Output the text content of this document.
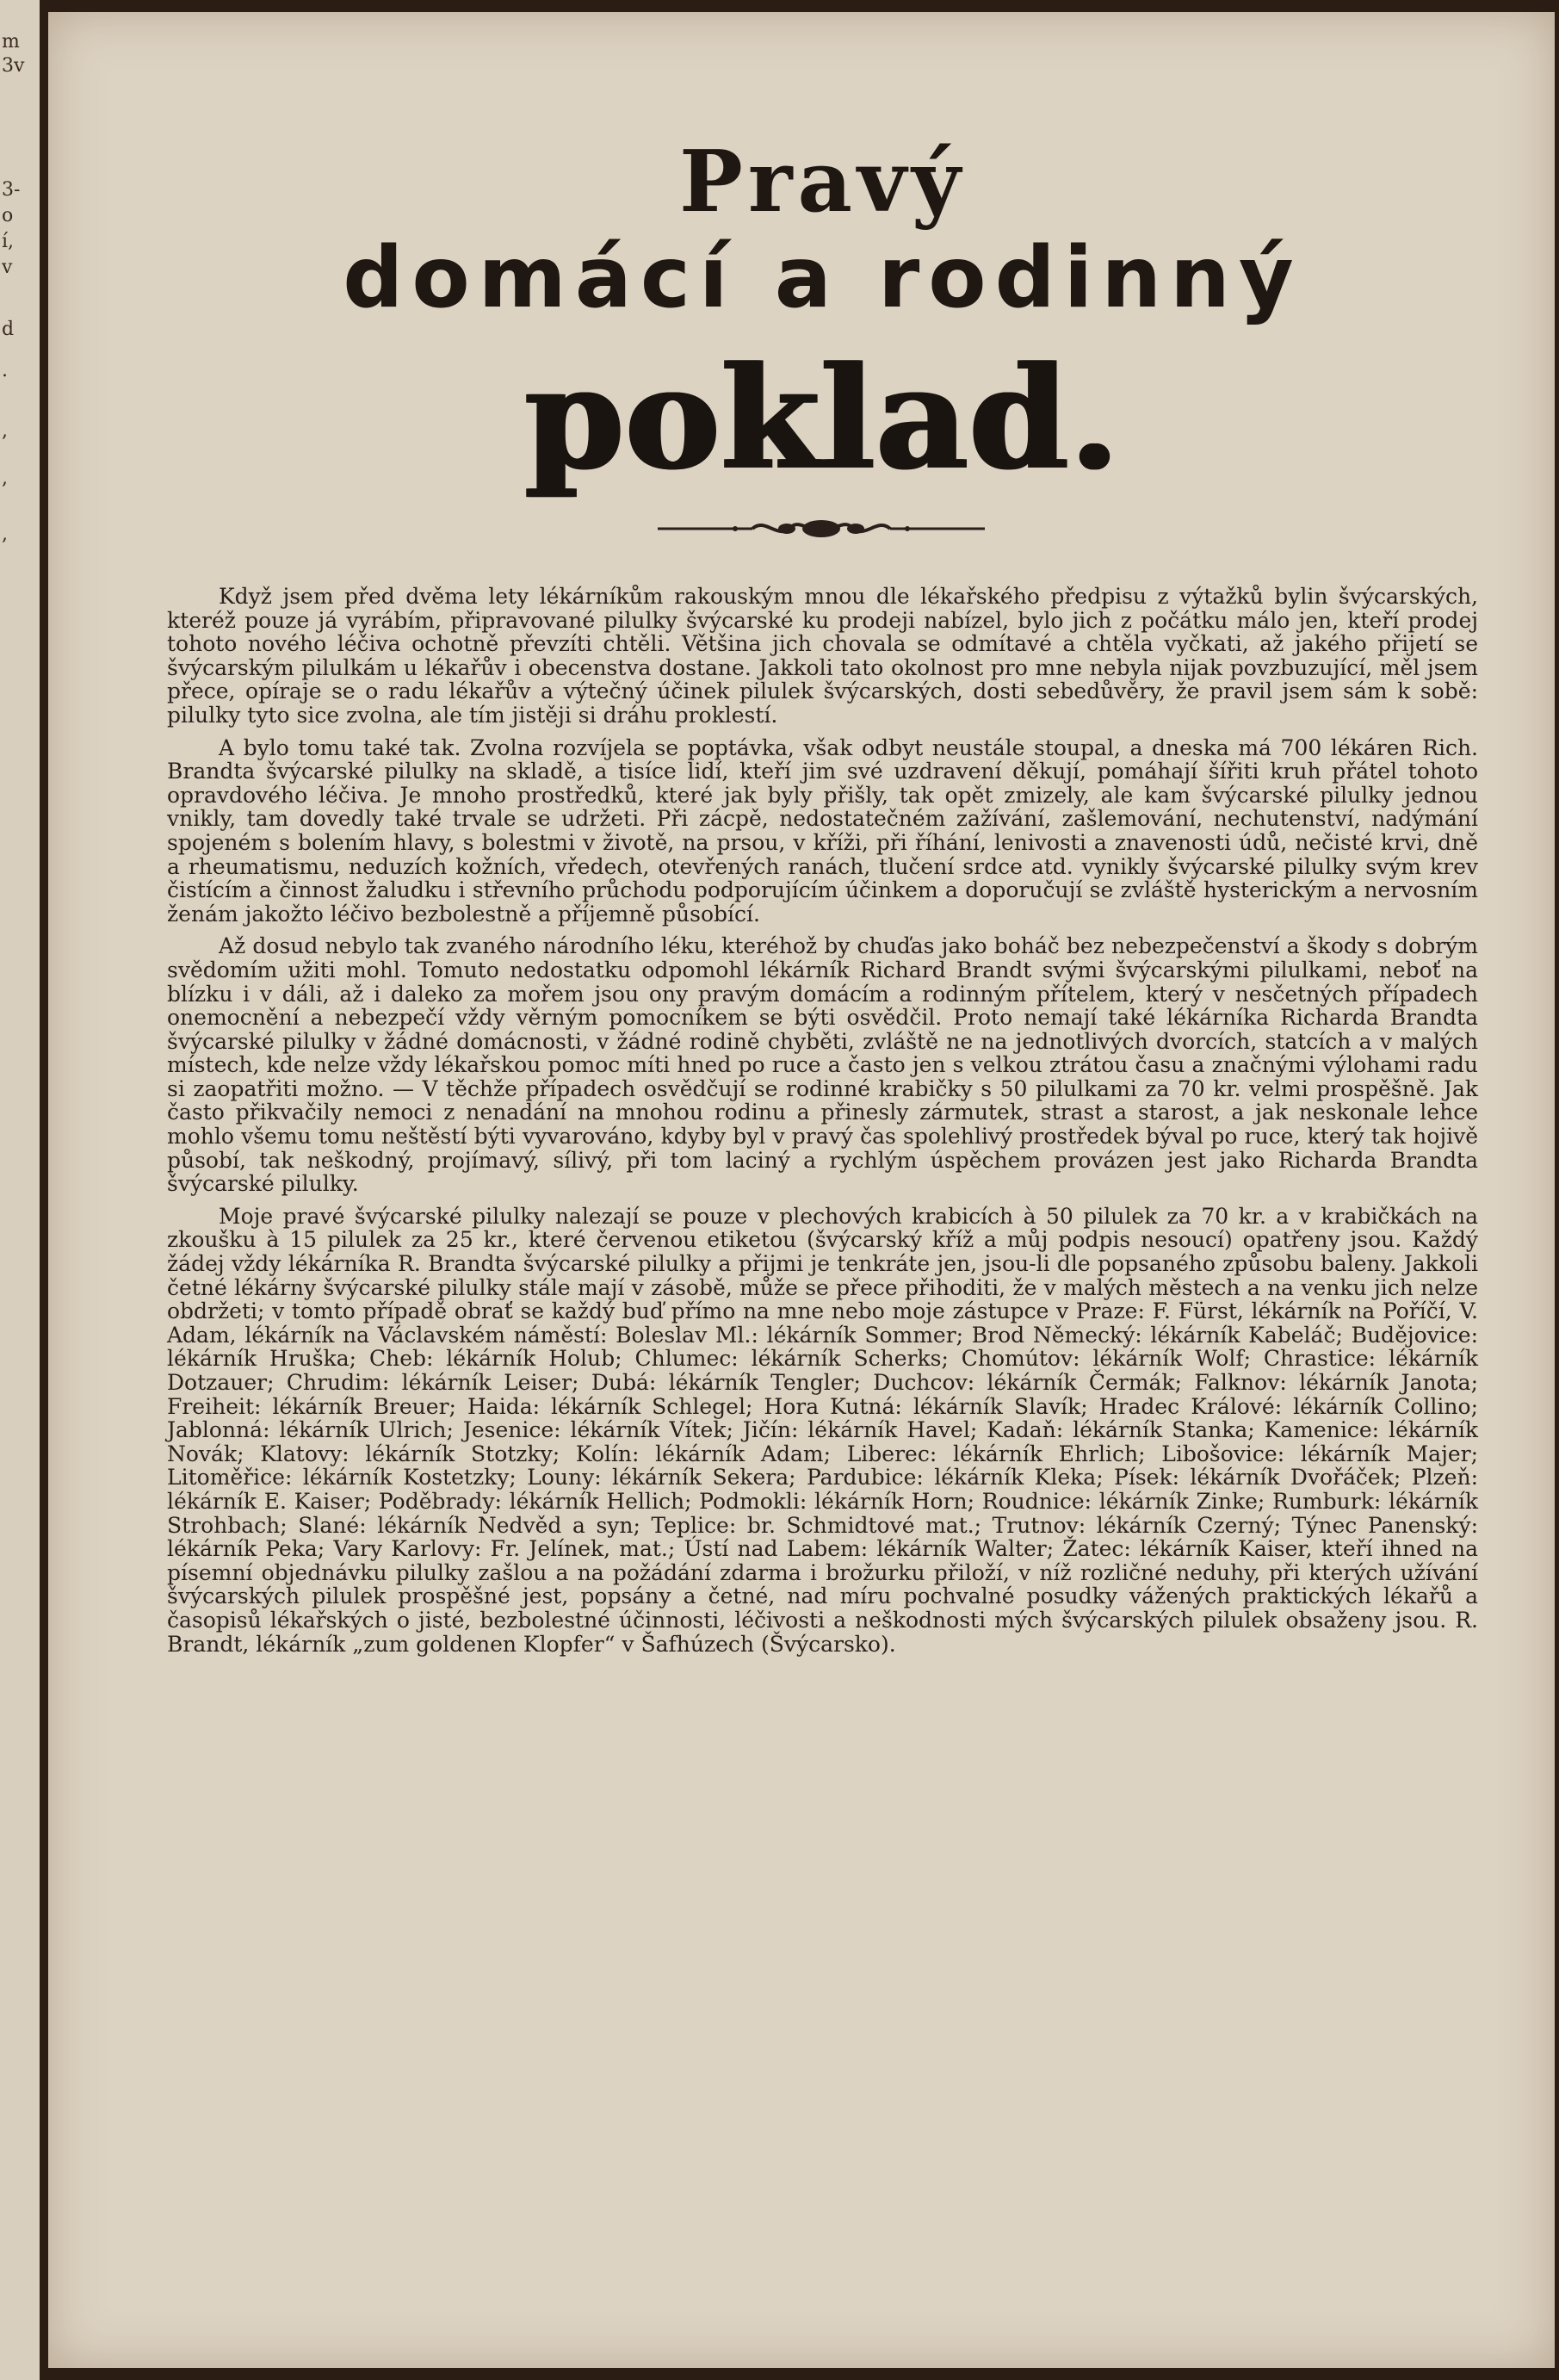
m
3v
3-
o
í,
v
d
.
,
,
,
Pravý
domácí a rodinný
poklad.

Když jsem před dvěma lety lékárníkům rakouským mnou dle lékařského předpisu z výtažků bylin švýcarských, kteréž pouze já vyrábím, připravované pilulky švýcarské ku prodeji nabízel, bylo jich z počátku málo jen, kteří prodej tohoto nového léčiva ochotně převzíti chtěli. Většina jich chovala se odmítavé a chtěla vyčkati, až jakého přijetí se švýcarským pilulkám u lékařův i obecenstva dostane. Jakkoli tato okolnost pro mne nebyla nijak povzbuzující, měl jsem přece, opíraje se o radu lékařův a výtečný účinek pilulek švýcarských, dosti sebedůvěry, že pravil jsem sám k sobě: pilulky tyto sice zvolna, ale tím jistěji si dráhu proklestí.

A bylo tomu také tak. Zvolna rozvíjela se poptávka, však odbyt neustále stoupal, a dneska má 700 lékáren Rich. Brandta švýcarské pilulky na skladě, a tisíce lidí, kteří jim své uzdravení děkují, pomáhají šířiti kruh přátel tohoto opravdového léčiva. Je mnoho prostředků, které jak byly přišly, tak opět zmizely, ale kam švýcarské pilulky jednou vnikly, tam dovedly také trvale se udržeti. Při zácpě, nedostatečném zažívání, zašlemování, nechutenství, nadýmání spojeném s bolením hlavy, s bolestmi v životě, na prsou, v kříži, při říhání, lenivosti a znavenosti údů, nečisté krvi, dně a rheumatismu, neduzích kožních, vředech, otevřených ranách, tlučení srdce atd. vynikly švýcarské pilulky svým krev čistícím a činnost žaludku i střevního průchodu podporujícím účinkem a doporučují se zvláště hysterickým a nervosním ženám jakožto léčivo bezbolestně a příjemně působící.

Až dosud nebylo tak zvaného národního léku, kteréhož by chuďas jako boháč bez nebezpečenství a škody s dobrým svědomím užiti mohl. Tomuto nedostatku odpomohl lékárník Richard Brandt svými švýcarskými pilulkami, neboť na blízku i v dáli, až i daleko za mořem jsou ony pravým domácím a rodinným přítelem, který v nesčetných případech onemocnění a nebezpečí vždy věrným pomocníkem se býti osvědčil. Proto nemají také lékárníka Richarda Brandta švýcarské pilulky v žádné domácnosti, v žádné rodině chyběti, zvláště ne na jednotlivých dvorcích, statcích a v malých místech, kde nelze vždy lékařskou pomoc míti hned po ruce a často jen s velkou ztrátou času a značnými výlohami radu si zaopatřiti možno. — V těchže případech osvědčují se rodinné krabičky s 50 pilulkami za 70 kr. velmi prospěšně. Jak často přikvačily nemoci z nenadání na mnohou rodinu a přinesly zármutek, strast a starost, a jak neskonale lehce mohlo všemu tomu neštěstí býti vyvarováno, kdyby byl v pravý čas spolehlivý prostředek býval po ruce, který tak hojivě působí, tak neškodný, projímavý, sílivý, při tom laciný a rychlým úspěchem provázen jest jako Richarda Brandta švýcarské pilulky.

Moje pravé švýcarské pilulky nalezají se pouze v plechových krabicích à 50 pilulek za 70 kr. a v krabičkách na zkoušku à 15 pilulek za 25 kr., které červenou etiketou (švýcarský kříž a můj podpis nesoucí) opatřeny jsou. Každý žádej vždy lékárníka R. Brandta švýcarské pilulky a přijmi je tenkráte jen, jsou-li dle popsaného způsobu baleny. Jakkoli četné lékárny švýcarské pilulky stále mají v zásobě, může se přece přihoditi, že v malých městech a na venku jich nelze obdržeti; v tomto případě obrať se každý buď přímo na mne nebo moje zástupce v Praze: F. Fürst, lékárník na Poříčí, V. Adam, lékárník na Václavském náměstí: Boleslav Ml.: lékárník Sommer; Brod Německý: lékárník Kabeláč; Budějovice: lékárník Hruška; Cheb: lékárník Holub; Chlumec: lékárník Scherks; Chomútov: lékárník Wolf; Chrastice: lékárník Dotzauer; Chrudim: lékárník Leiser; Dubá: lékárník Tengler; Duchcov: lékárník Čermák; Falknov: lékárník Janota; Freiheit: lékárník Breuer; Haida: lékárník Schlegel; Hora Kutná: lékárník Slavík; Hradec Králové: lékárník Collino; Jablonná: lékárník Ulrich; Jesenice: lékárník Vítek; Jičín: lékárník Havel; Kadaň: lékárník Stanka; Kamenice: lékárník Novák; Klatovy: lékárník Stotzky; Kolín: lékárník Adam; Liberec: lékárník Ehrlich; Libošovice: lékárník Majer; Litoměřice: lékárník Kostetzky; Louny: lékárník Sekera; Pardubice: lékárník Kleka; Písek: lékárník Dvořáček; Plzeň: lékárník E. Kaiser; Poděbrady: lékárník Hellich; Podmokli: lékárník Horn; Roudnice: lékárník Zinke; Rumburk: lékárník Strohbach; Slané: lékárník Nedvěd a syn; Teplice: br. Schmidtové mat.; Trutnov: lékárník Czerný; Týnec Panenský: lékárník Peka; Vary Karlovy: Fr. Jelínek, mat.; Ústí nad Labem: lékárník Walter; Žatec: lékárník Kaiser, kteří ihned na písemní objednávku pilulky zašlou a na požádání zdarma i brožurku přiloží, v níž rozličné neduhy, při kterých užívání švýcarských pilulek prospěšné jest, popsány a četné, nad míru pochvalné posudky vážených praktických lékařů a časopisů lékařských o jisté, bezbolestné účinnosti, léčivosti a neškodnosti mých švýcarských pilulek obsaženy jsou. R. Brandt, lékárník „zum goldenen Klopfer“ v Šafhúzech (Švýcarsko).
